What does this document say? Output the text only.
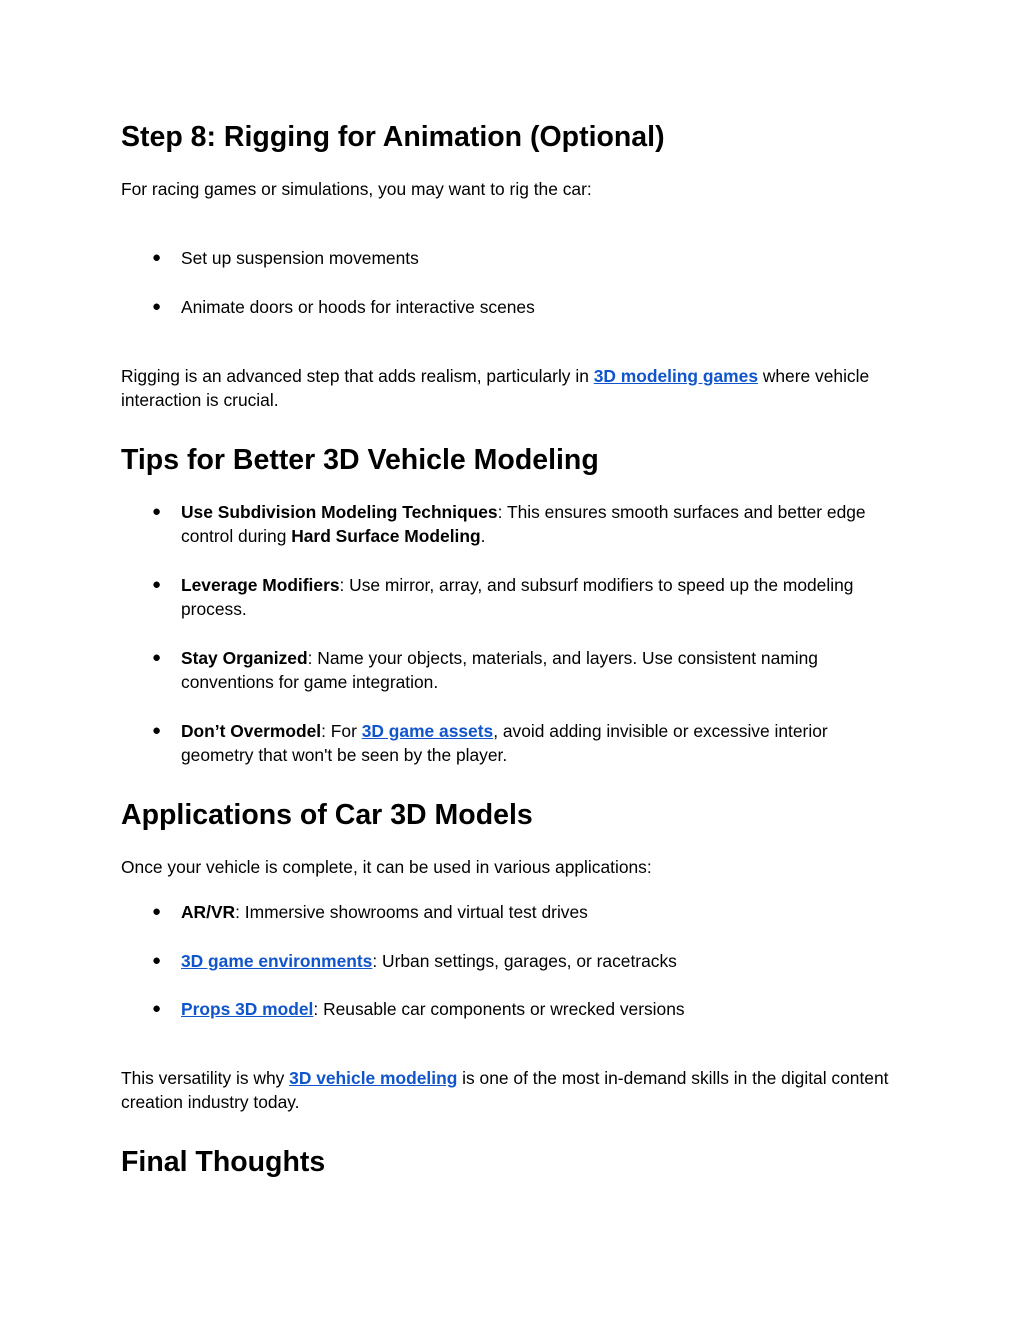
Step 8: Rigging for Animation (Optional)

For racing games or simulations, you may want to rig the car:

● Set up suspension movements
● Animate doors or hoods for interactive scenes

Rigging is an advanced step that adds realism, particularly in 3D modeling games where vehicle interaction is crucial.

Tips for Better 3D Vehicle Modeling
● Use Subdivision Modeling Techniques: This ensures smooth surfaces and better edge control during Hard Surface Modeling.
● Leverage Modifiers: Use mirror, array, and subsurf modifiers to speed up the modeling process.
● Stay Organized: Name your objects, materials, and layers. Use consistent naming conventions for game integration.
● Don’t Overmodel: For 3D game assets, avoid adding invisible or excessive interior geometry that won't be seen by the player.
Applications of Car 3D Models

Once your vehicle is complete, it can be used in various applications:

● AR/VR: Immersive showrooms and virtual test drives
● 3D game environments: Urban settings, garages, or racetracks
● Props 3D model: Reusable car components or wrecked versions

This versatility is why 3D vehicle modeling is one of the most in-demand skills in the digital content creation industry today.

Final Thoughts
